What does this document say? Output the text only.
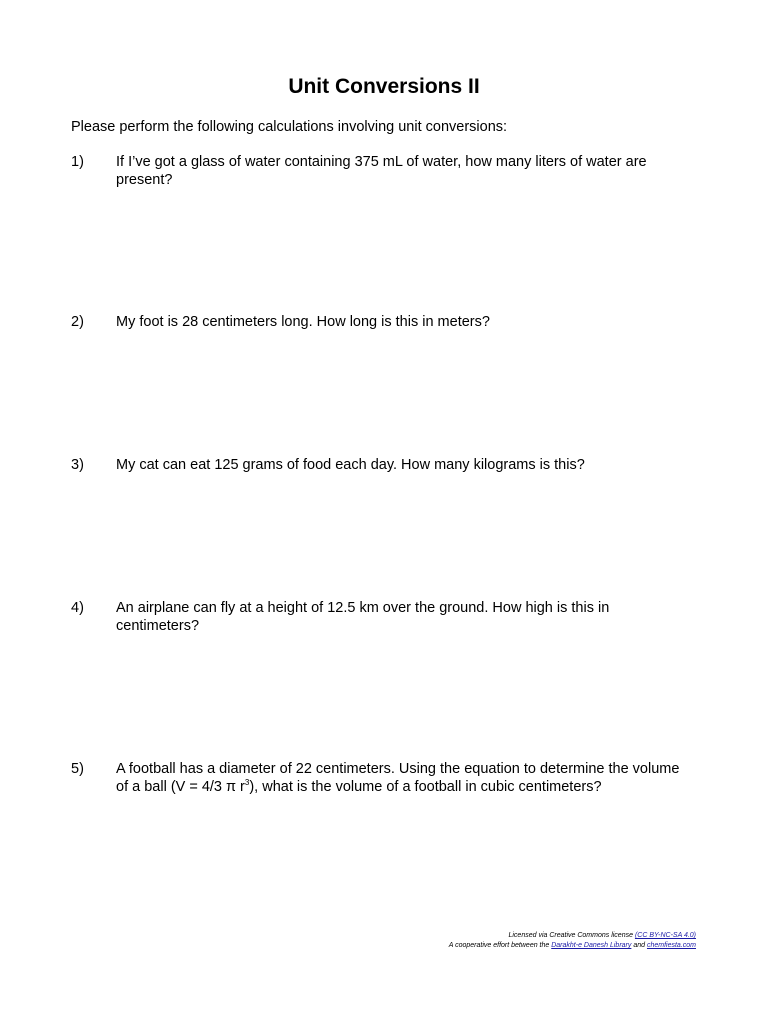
Unit Conversions II
Please perform the following calculations involving unit conversions:
1)	If I’ve got a glass of water containing 375 mL of water, how many liters of water are present?
2)	My foot is 28 centimeters long. How long is this in meters?
3)	My cat can eat 125 grams of food each day. How many kilograms is this?
4)	An airplane can fly at a height of 12.5 km over the ground. How high is this in centimeters?
5)	A football has a diameter of 22 centimeters. Using the equation to determine the volume of a ball (V = 4/3 π $r^3$), what is the volume of a football in cubic centimeters?
Licensed via Creative Commons license (CC BY-NC-SA 4.0)
A cooperative effort between the Darakht-e Danesh Library and chemfiesta.com
